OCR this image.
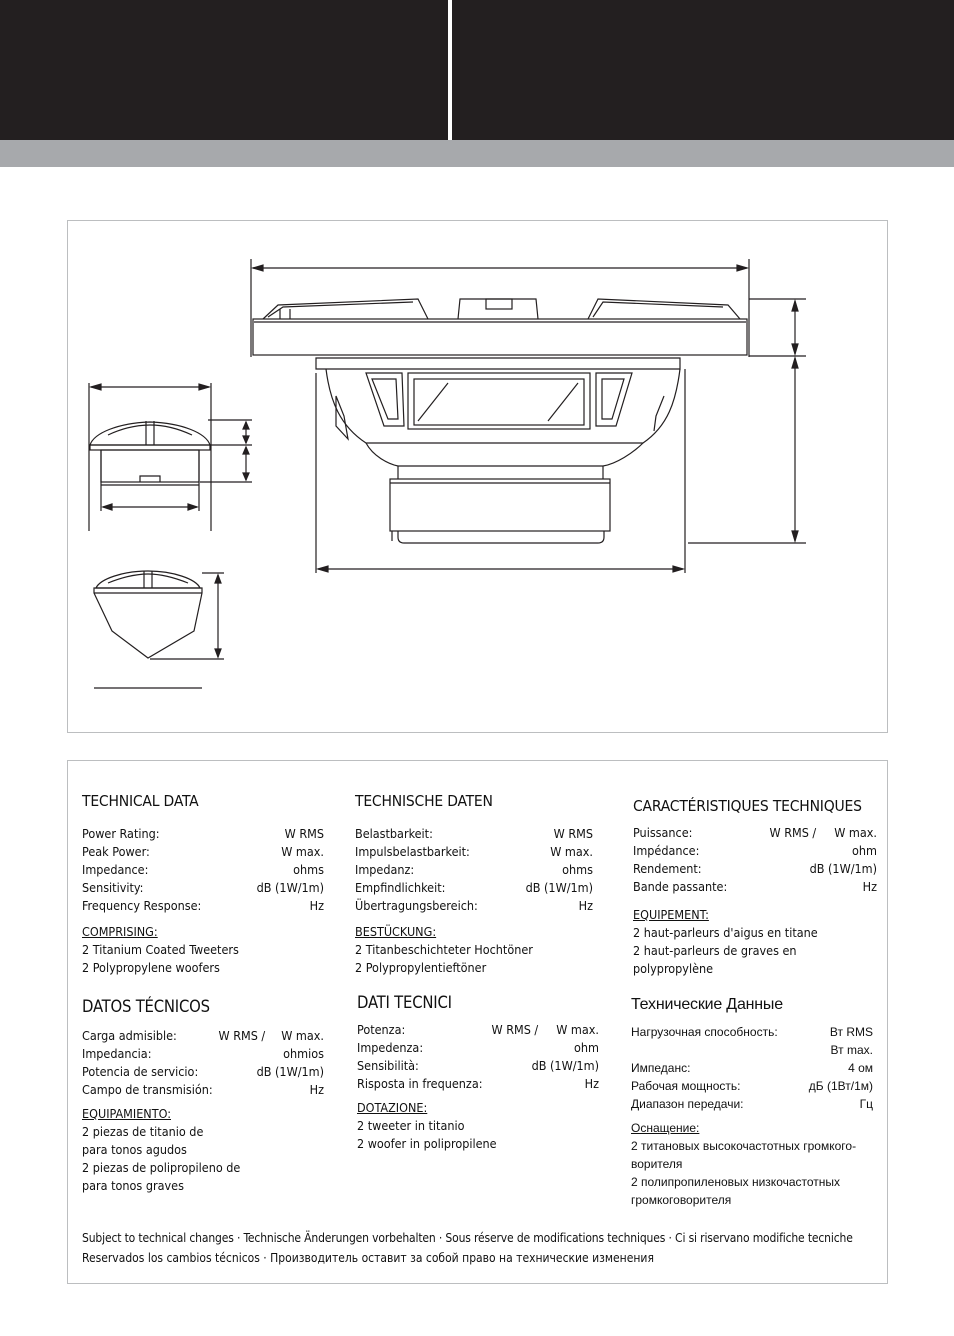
TECHNICAL DATA
Power Rating:	W RMS
Peak Power:	W max.
Impedance:	ohms
Sensitivity:	dB (1W/1m)
Frequency Response:	Hz
COMPRISING:
2 Titanium Coated Tweeters
2 Polypropylene woofers
TECHNISCHE DATEN
Belastbarkeit:	W RMS
Impulsbelastbarkeit:	W max.
Impedanz:	ohms
Empfindlichkeit:	dB (1W/1m)
Übertragungsbereich:	Hz
BESTÜCKUNG:
2 Titanbeschichteter Hochtöner
2 Polypropylentieftöner
CARACTÉRISTIQUES TECHNIQUES
Puissance:	W RMS / W max.
Impédance:	ohm
Rendement:	dB (1W/1m)
Bande passante:	Hz
EQUIPEMENT:
2 haut-parleurs d'aigus en titane
2 haut-parleurs de graves en
polypropylène
DATOS TÉCNICOS
Carga admisible:	W RMS / W max.
Impedancia:	ohmios
Potencia de servicio:	dB (1W/1m)
Campo de transmisión:	Hz
EQUIPAMIENTO:
2 piezas de titanio de
para tonos agudos
2 piezas de polipropileno de
para tonos graves
DATI TECNICI
Potenza:	W RMS / W max.
Impedenza:	ohm
Sensibilità:	dB (1W/1m)
Risposta in frequenza:	Hz
DOTAZIONE:
2 tweeter in titanio
2 woofer in polipropilene
Технические Данные
Нагрузочная способность:	Вт RMS
Вт max.
Импеданс:	4 ом
Рабочая мощность:	дБ (1Вт/1м)
Диапазон передачи:	Гц
Оснащение:
2 титановых высокочастотных громкого-
ворителя
2 полипропиленовых низкочастотных
громкоговорителя
Subject to technical changes · Technische Änderungen vorbehalten · Sous réserve de modifications techniques · Ci si riservano modifiche tecniche
Reservados los cambios técnicos · Производитель оставит за собой право на технические изменения
